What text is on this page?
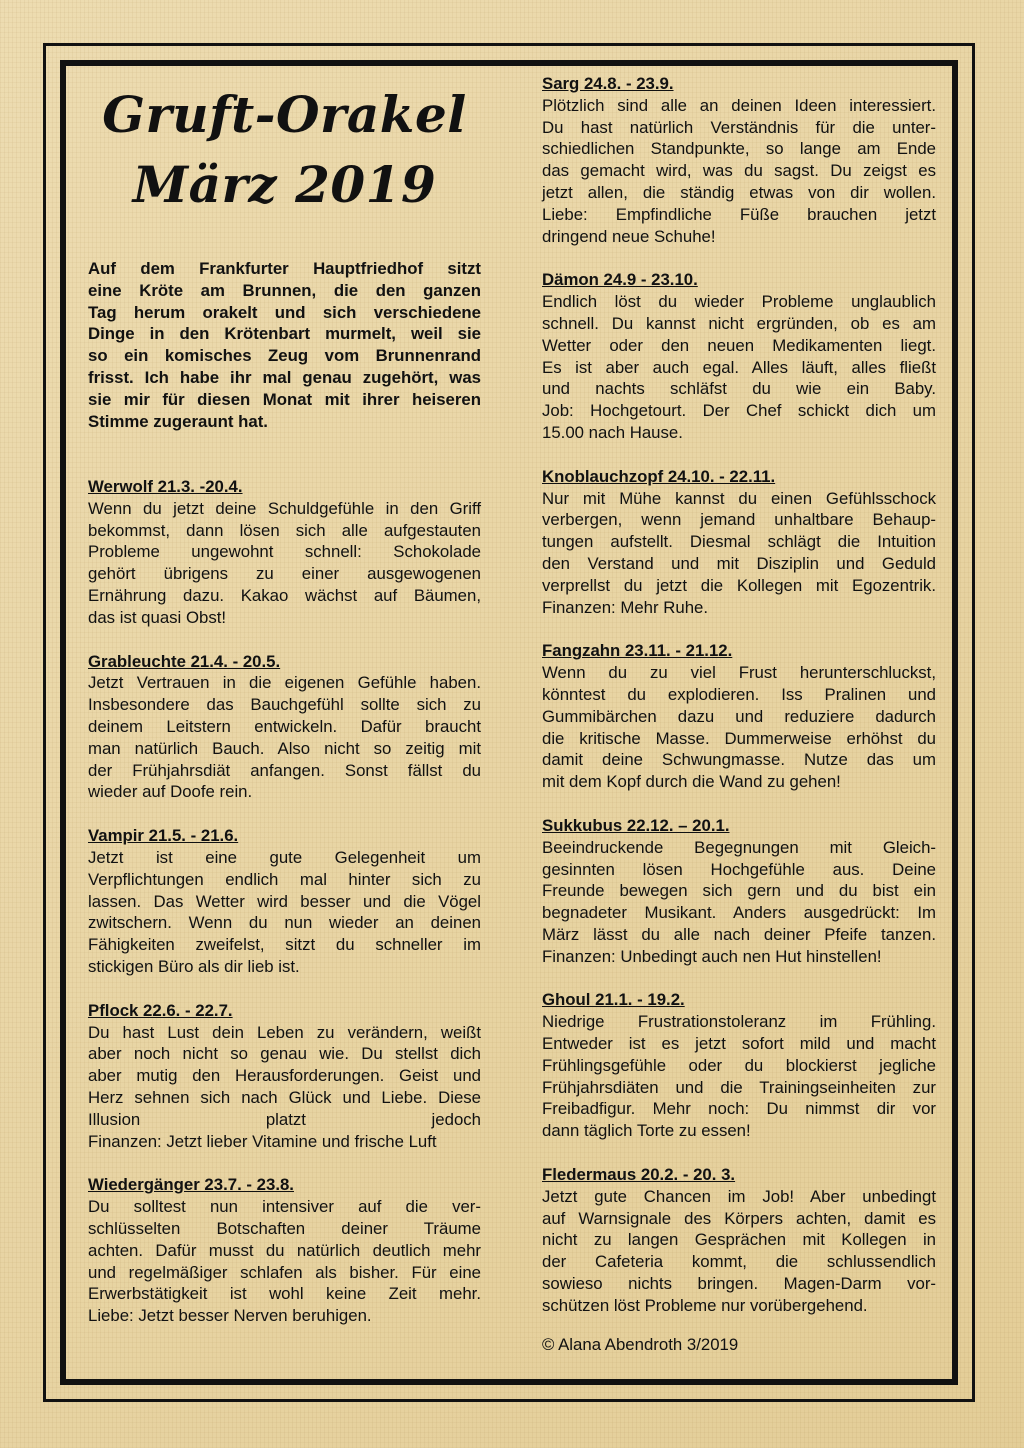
Gruft-Orakel
März 2019
Auf dem Frankfurter Hauptfriedhof sitzt
eine Kröte am Brunnen, die den ganzen
Tag herum orakelt und sich verschiedene
Dinge in den Krötenbart murmelt, weil sie
so ein komisches Zeug vom Brunnenrand
frisst. Ich habe ihr mal genau zugehört, was
sie mir für diesen Monat mit ihrer heiseren
Stimme zugeraunt hat.
Werwolf 21.3. -20.4.
Wenn du jetzt deine Schuldgefühle in den Griff
bekommst, dann lösen sich alle aufgestauten
Probleme ungewohnt schnell: Schokolade
gehört übrigens zu einer ausgewogenen
Ernährung dazu. Kakao wächst auf Bäumen,
das ist quasi Obst!
Grableuchte 21.4. - 20.5.
Jetzt Vertrauen in die eigenen Gefühle haben.
Insbesondere das Bauchgefühl sollte sich zu
deinem Leitstern entwickeln. Dafür braucht
man natürlich Bauch. Also nicht so zeitig mit
der Frühjahrsdiät anfangen. Sonst fällst du
wieder auf Doofe rein.
Vampir 21.5. - 21.6.
Jetzt ist eine gute Gelegenheit um
Verpflichtungen endlich mal hinter sich zu
lassen. Das Wetter wird besser und die Vögel
zwitschern. Wenn du nun wieder an deinen
Fähigkeiten zweifelst, sitzt du schneller im
stickigen Büro als dir lieb ist.
Pflock 22.6. - 22.7.
Du hast Lust dein Leben zu verändern, weißt
aber noch nicht so genau wie. Du stellst dich
aber mutig den Herausforderungen. Geist und
Herz sehnen sich nach Glück und Liebe. Diese
Illusion platzt jedoch
Finanzen: Jetzt lieber Vitamine und frische Luft
Wiedergänger 23.7. - 23.8.
Du solltest nun intensiver auf die ver-
schlüsselten Botschaften deiner Träume
achten. Dafür musst du natürlich deutlich mehr
und regelmäßiger schlafen als bisher. Für eine
Erwerbstätigkeit ist wohl keine Zeit mehr.
Liebe: Jetzt besser Nerven beruhigen.
Sarg 24.8. - 23.9.
Plötzlich sind alle an deinen Ideen interessiert.
Du hast natürlich Verständnis für die unter-
schiedlichen Standpunkte, so lange am Ende
das gemacht wird, was du sagst. Du zeigst es
jetzt allen, die ständig etwas von dir wollen.
Liebe: Empfindliche Füße brauchen jetzt
dringend neue Schuhe!
Dämon 24.9 - 23.10.
Endlich löst du wieder Probleme unglaublich
schnell. Du kannst nicht ergründen, ob es am
Wetter oder den neuen Medikamenten liegt.
Es ist aber auch egal. Alles läuft, alles fließt
und nachts schläfst du wie ein Baby.
Job: Hochgetourt. Der Chef schickt dich um
15.00 nach Hause.
Knoblauchzopf 24.10. - 22.11.
Nur mit Mühe kannst du einen Gefühlsschock
verbergen, wenn jemand unhaltbare Behaup-
tungen aufstellt. Diesmal schlägt die Intuition
den Verstand und mit Disziplin und Geduld
verprellst du jetzt die Kollegen mit Egozentrik.
Finanzen: Mehr Ruhe.
Fangzahn 23.11. - 21.12.
Wenn du zu viel Frust herunterschluckst,
könntest du explodieren. Iss Pralinen und
Gummibärchen dazu und reduziere dadurch
die kritische Masse. Dummerweise erhöhst du
damit deine Schwungmasse. Nutze das um
mit dem Kopf durch die Wand zu gehen!
Sukkubus 22.12. – 20.1.
Beeindruckende Begegnungen mit Gleich-
gesinnten lösen Hochgefühle aus. Deine
Freunde bewegen sich gern und du bist ein
begnadeter Musikant. Anders ausgedrückt: Im
März lässt du alle nach deiner Pfeife tanzen.
Finanzen: Unbedingt auch nen Hut hinstellen!
Ghoul 21.1. - 19.2.
Niedrige Frustrationstoleranz im Frühling.
Entweder ist es jetzt sofort mild und macht
Frühlingsgefühle oder du blockierst jegliche
Frühjahrsdiäten und die Trainingseinheiten zur
Freibadfigur. Mehr noch: Du nimmst dir vor
dann täglich Torte zu essen!
Fledermaus 20.2. - 20. 3.
Jetzt gute Chancen im Job! Aber unbedingt
auf Warnsignale des Körpers achten, damit es
nicht zu langen Gesprächen mit Kollegen in
der Cafeteria kommt, die schlussendlich
sowieso nichts bringen. Magen-Darm vor-
schützen löst Probleme nur vorübergehend.
© Alana Abendroth 3/2019
